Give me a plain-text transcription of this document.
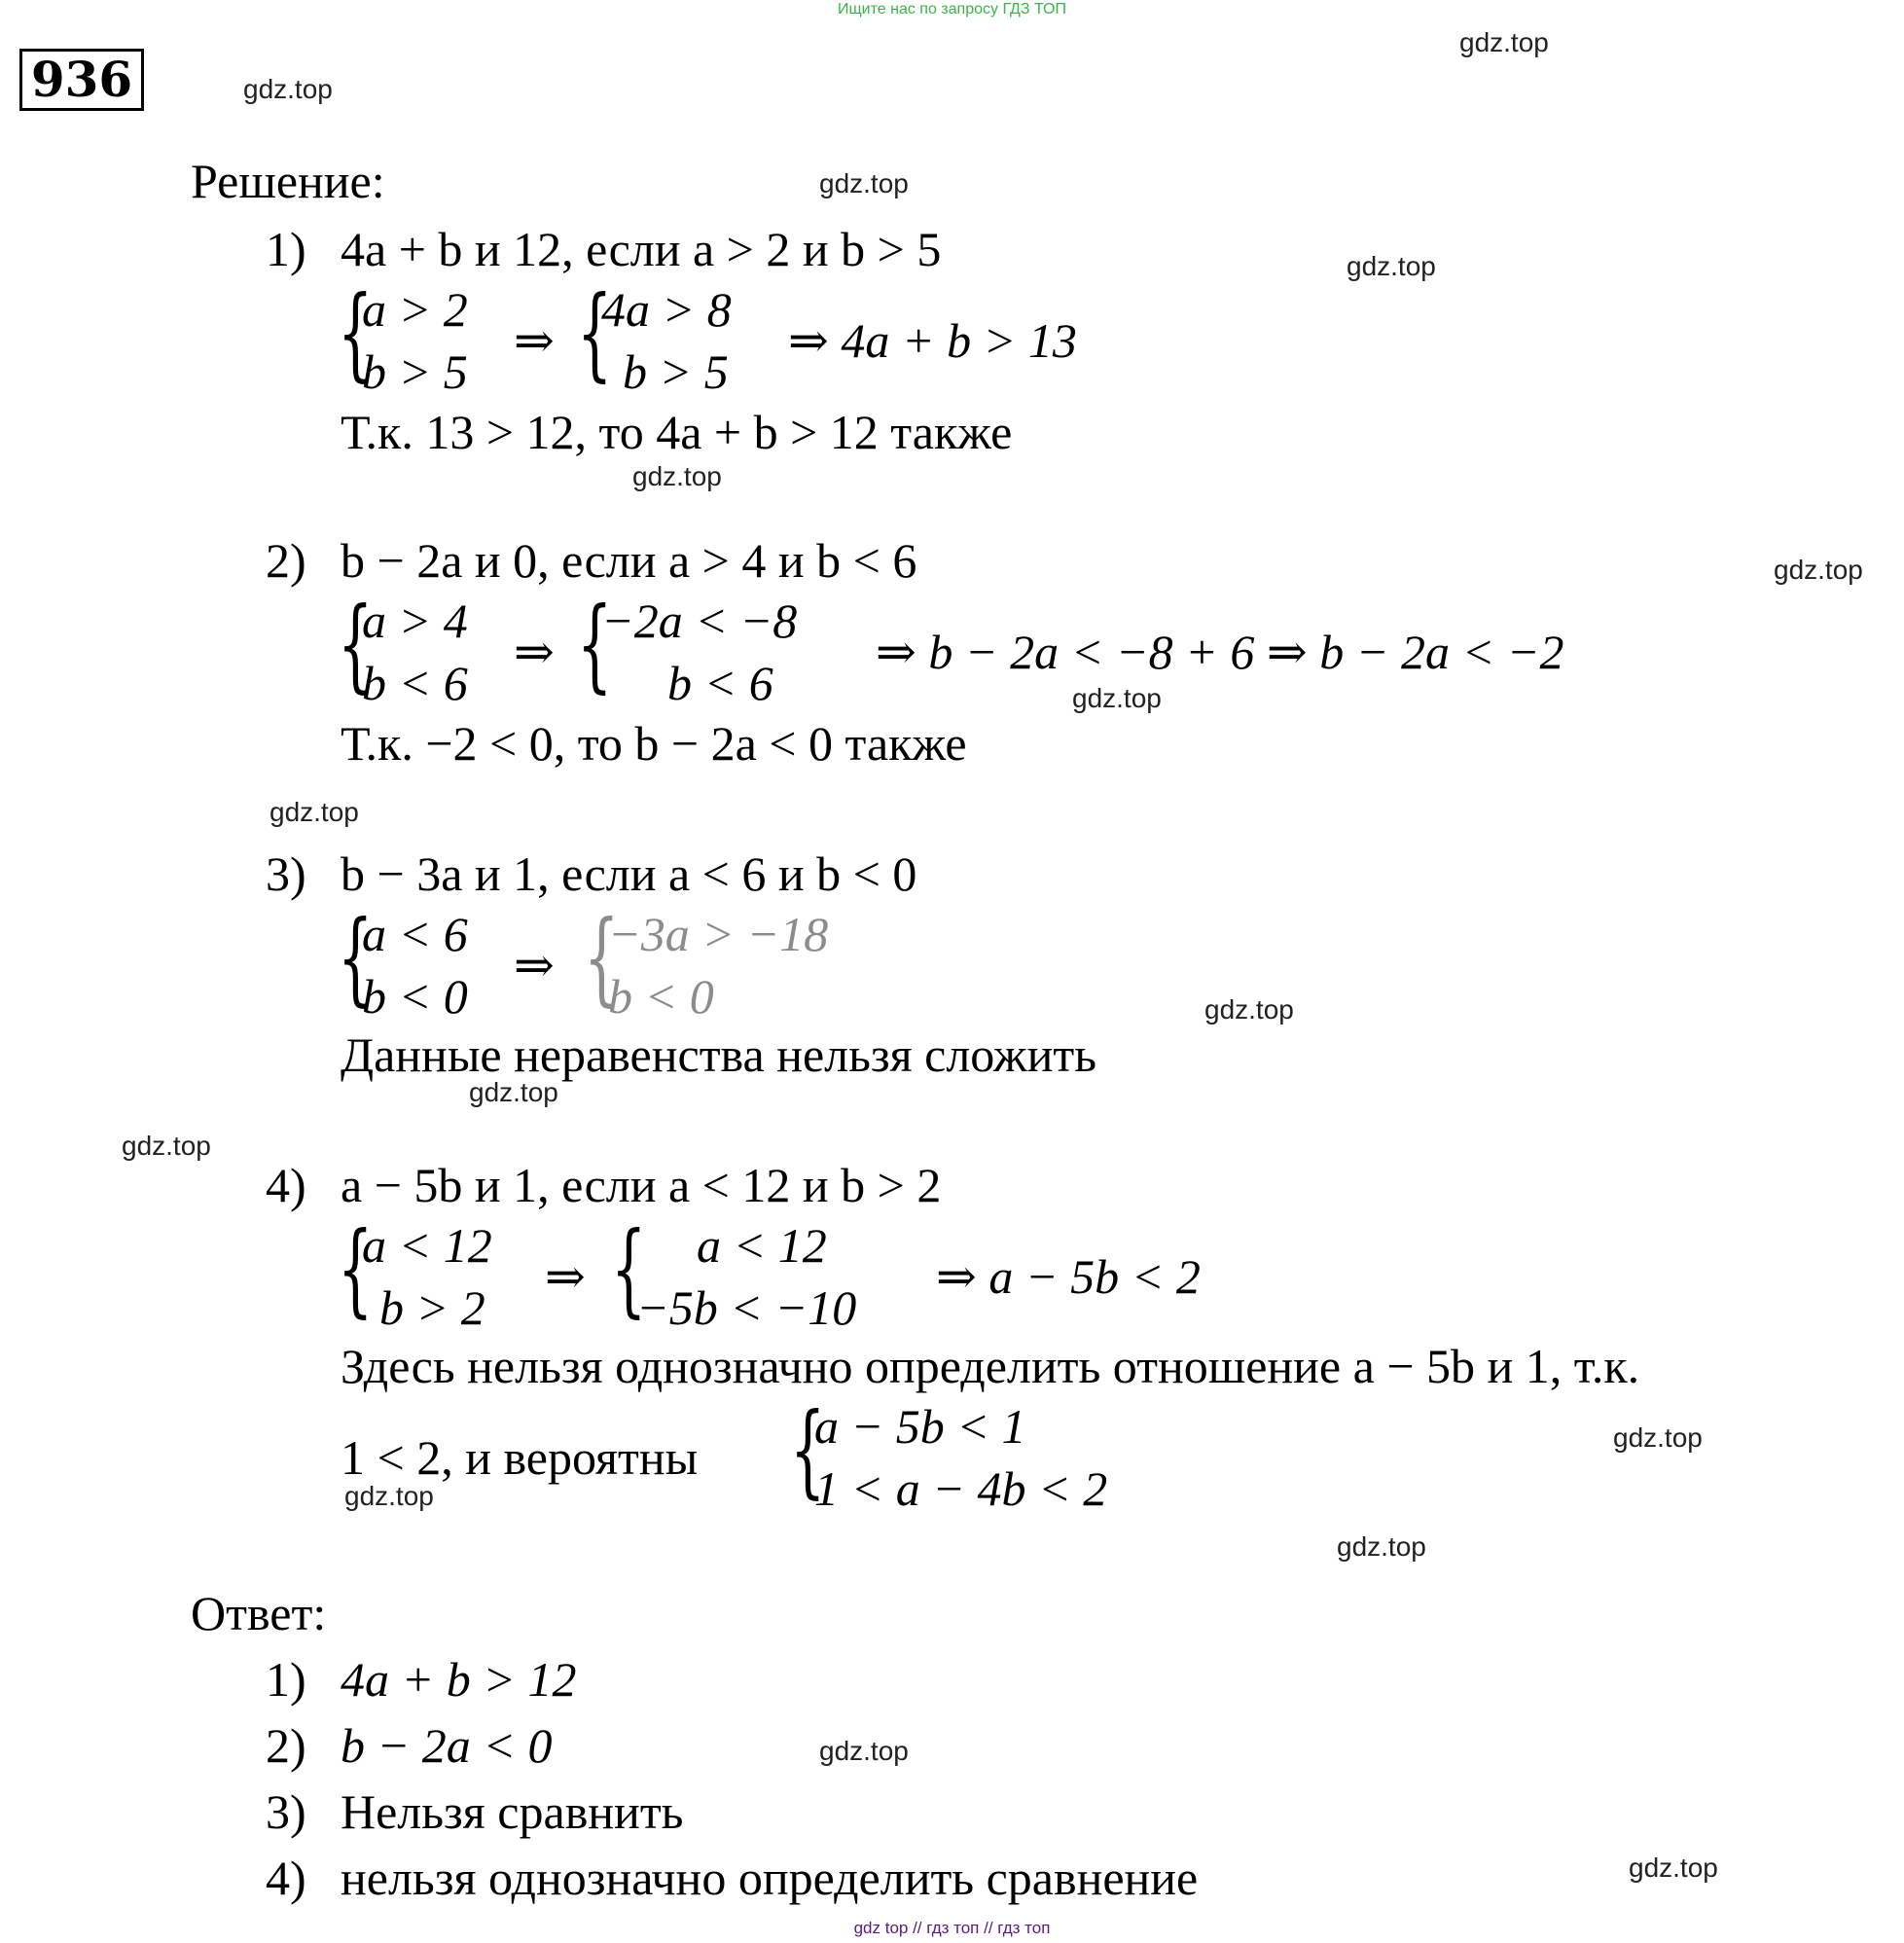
Ищите нас по запросу ГДЗ ТОП
936
gdz.top
gdz.top
gdz.top
gdz.top
gdz.top
gdz.top
gdz.top
gdz.top
gdz.top
gdz.top
gdz.top
gdz.top
gdz.top
gdz.top
gdz.top
gdz.top
Решение:
1) 4a + b и 12, если a > 2 и b > 5
{
a > 2
b > 5
⇒ {
4a > 8
b > 5
⇒ 4a + b > 13
Т.к. 13 > 12, то 4a + b > 12 также
2) b − 2a и 0, если a > 4 и b < 6
{
a > 4
b < 6
⇒ {
−2a < −8
b < 6
⇒ b − 2a < −8 + 6 ⇒ b − 2a < −2
Т.к. −2 < 0, то b − 2a < 0 также
3) b − 3a и 1, если a < 6 и b < 0
{
a < 6
b < 0
⇒ {
−3a > −18
b < 0
Данные неравенства нельзя сложить
4) a − 5b и 1, если a < 12 и b > 2
{
a < 12
b > 2
⇒ { a < 12
−5b < −10
⇒ a − 5b < 2
Здесь нельзя однозначно определить отношение a − 5b и 1, т.к.
1 < 2, и вероятны {
a − 5b < 1
1 < a − 4b < 2
Ответ:
1) 4a + b > 12
2) b − 2a < 0
3) Нельзя сравнить
4) нельзя однозначно определить сравнение
gdz top // гдз топ // гдз топ
